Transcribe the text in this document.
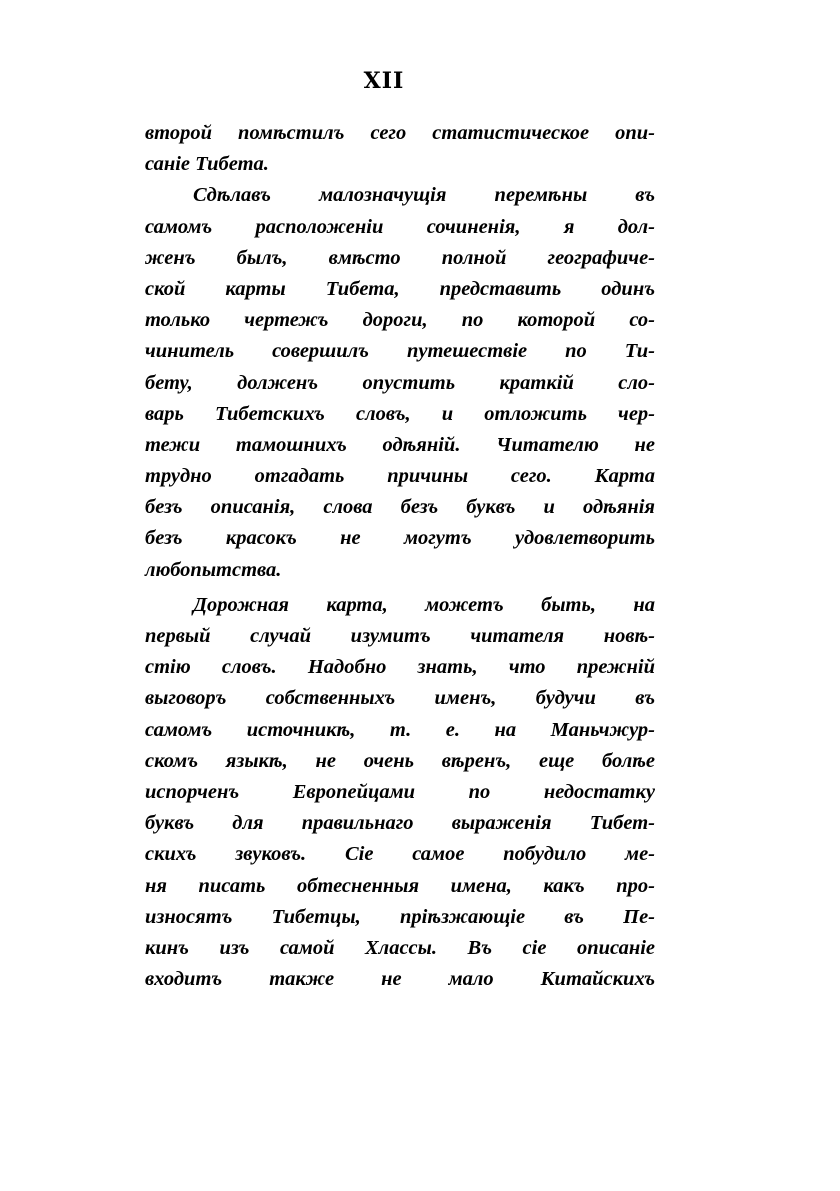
XII
второй помѣстилъ сего статистическое опи-
саніе Тибета.
Сдѣлавъ малозначущія перемѣны въ
самомъ расположеніи сочиненія, я дол-
женъ былъ, вмѣсто полной географиче-
ской карты Тибета, представить одинъ
только чертежъ дороги, по которой со-
чинитель совершилъ путешествіе по Ти-
бету, долженъ опустить краткій сло-
варь Тибетскихъ словъ, и отложить чер-
тежи тамошнихъ одѣяній. Читателю не
трудно отгадать причины сего. Карта
безъ описанія, слова безъ буквъ и одѣянія
безъ красокъ не могутъ удовлетворить
любопытства.
Дорожная карта, можетъ быть, на
первый случай изумитъ читателя новѣ-
стію словъ. Надобно знать, что прежній
выговоръ собственныхъ именъ, будучи въ
самомъ источникѣ, т. е. на Маньчжур-
скомъ языкѣ, не очень вѣренъ, еще болѣе
испорченъ Европейцами по недостатку
буквъ для правильнаго выраженія Тибет-
скихъ звуковъ. Сіе самое побудило ме-
ня писать обтесненныя имена, какъ про-
износятъ Тибетцы, пріѣзжающіе въ Пе-
кинъ изъ самой Хлассы. Въ сіе описаніе
входитъ также не мало Китайскихъ
